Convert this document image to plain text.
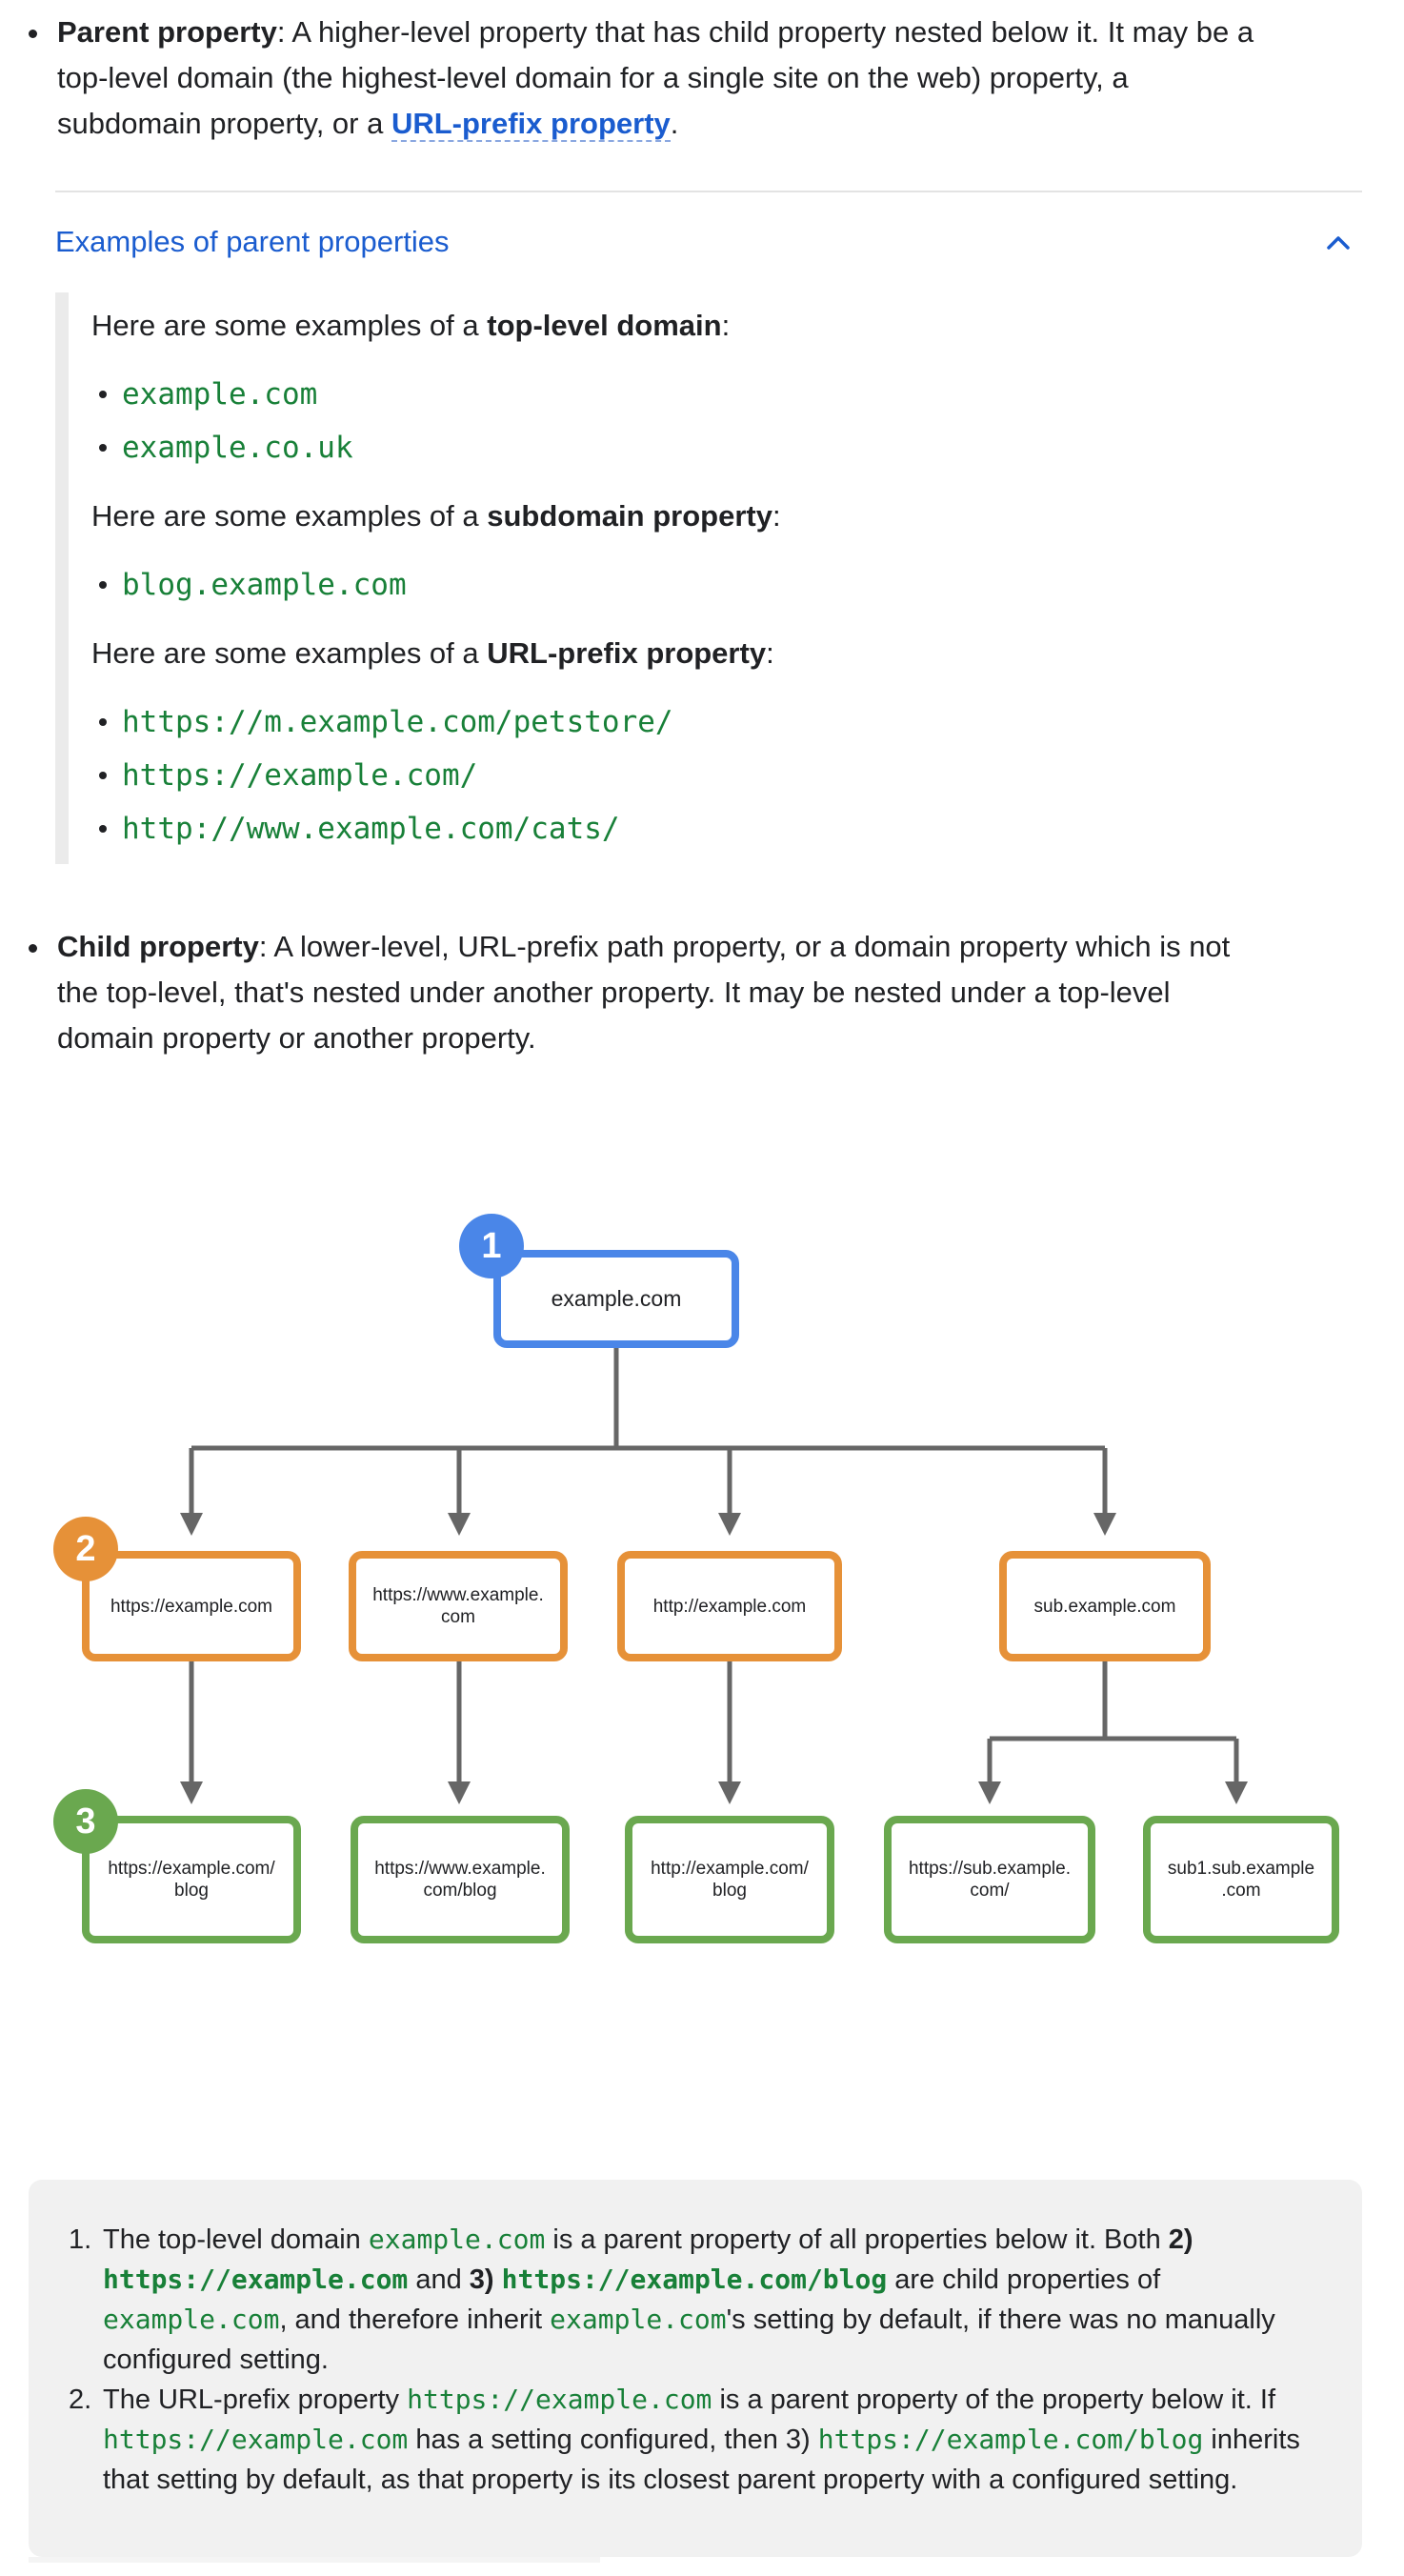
Parent property: A higher-level property that has child property nested below it. It may be a
top-level domain (the highest-level domain for a single site on the web) property, a
subdomain property, or a URL-prefix property.
Examples of parent properties
Here are some examples of a top-level domain:
example.com
example.co.uk
Here are some examples of a subdomain property:
blog.example.com
Here are some examples of a URL-prefix property:
https://m.example.com/petstore/
https://example.com/
http://www.example.com/cats/
Child property: A lower-level, URL-prefix path property, or a domain property which is not
the top-level, that's nested under another property. It may be nested under a top-level
domain property or another property.
example.com
https://example.com
https://www.example.
com
http://example.com	sub.example.com
https://example.com/
blog
https://www.example.
com/blog
http://example.com/
blog
https://sub.example.
com/
sub1.sub.example
.com
1
2
3
1. The top-level domain example.com is a parent property of all properties below it. Both 2)
https://example.com and 3) https://example.com/blog are child properties of
example.com, and therefore inherit example.com's setting by default, if there was no manually
configured setting.
2. The URL-prefix property https://example.com is a parent property of the property below it. If
https://example.com has a setting configured, then 3) https://example.com/blog inherits
that setting by default, as that property is its closest parent property with a configured setting.
